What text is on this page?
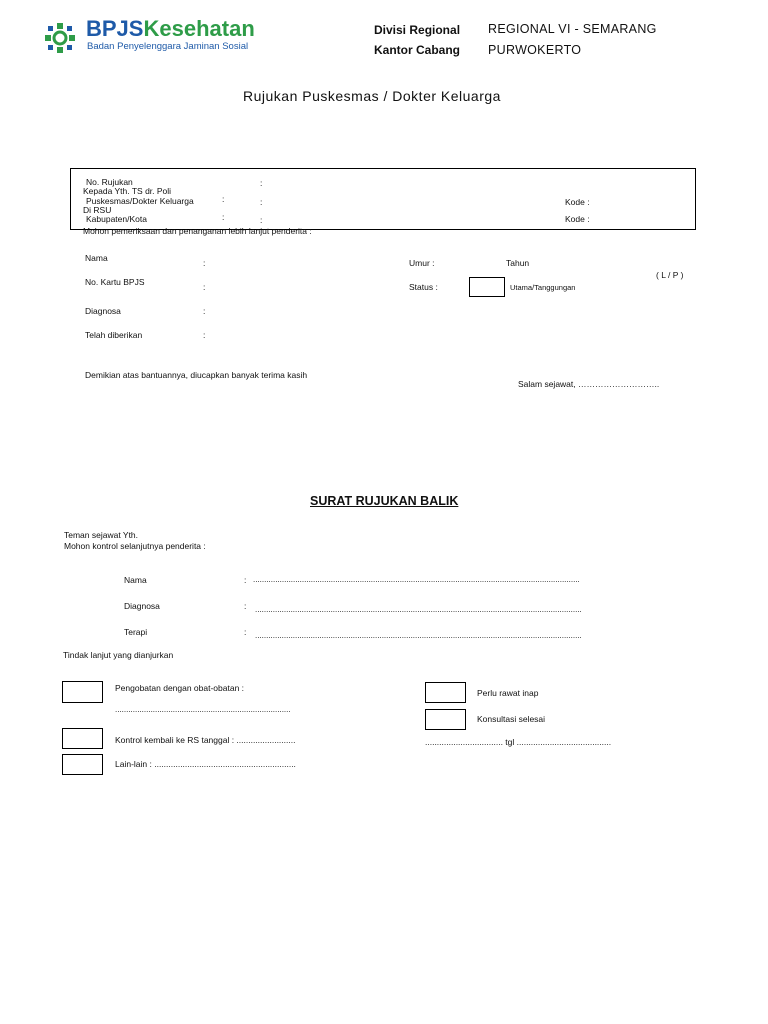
BPJSKesehatan
Badan Penyelenggara Jaminan Sosial
Divisi Regional REGIONAL VI - SEMARANG
Kantor Cabang PURWOKERTO
Rujukan Puskesmas / Dokter Keluarga
No. Rujukan	:
Kepada Yth. TS dr. Poli
Puskesmas/Dokter Keluarga	:	:	Kode :
Di RSU
Kabupaten/Kota	:	:	Kode :
Mohon pemeriksaan dan penanganan lebih lanjut penderita :
Nama	:	Umur :	Tahun
( L / P )
No. Kartu BPJS	:	Status :	Utama/Tanggungan
Diagnosa	:
Telah diberikan	:
Demikian atas bantuannya, diucapkan banyak terima kasih
Salam sejawat, ………………………..
SURAT RUJUKAN BALIK
Teman sejawat Yth.
Mohon kontrol selanjutnya penderita :
Nama	: ...................................................................................................................................................
Diagnosa	: ...................................................................................................................................................
Terapi	: ...................................................................................................................................................
Tindak lanjut yang dianjurkan
Pengobatan dengan obat-obatan :
...............................................................................
Kontrol kembali ke RS tanggal : .........................
Lain-lain : ............................................................
Perlu rawat inap
Konsultasi selesai
................................. tgl ........................................
